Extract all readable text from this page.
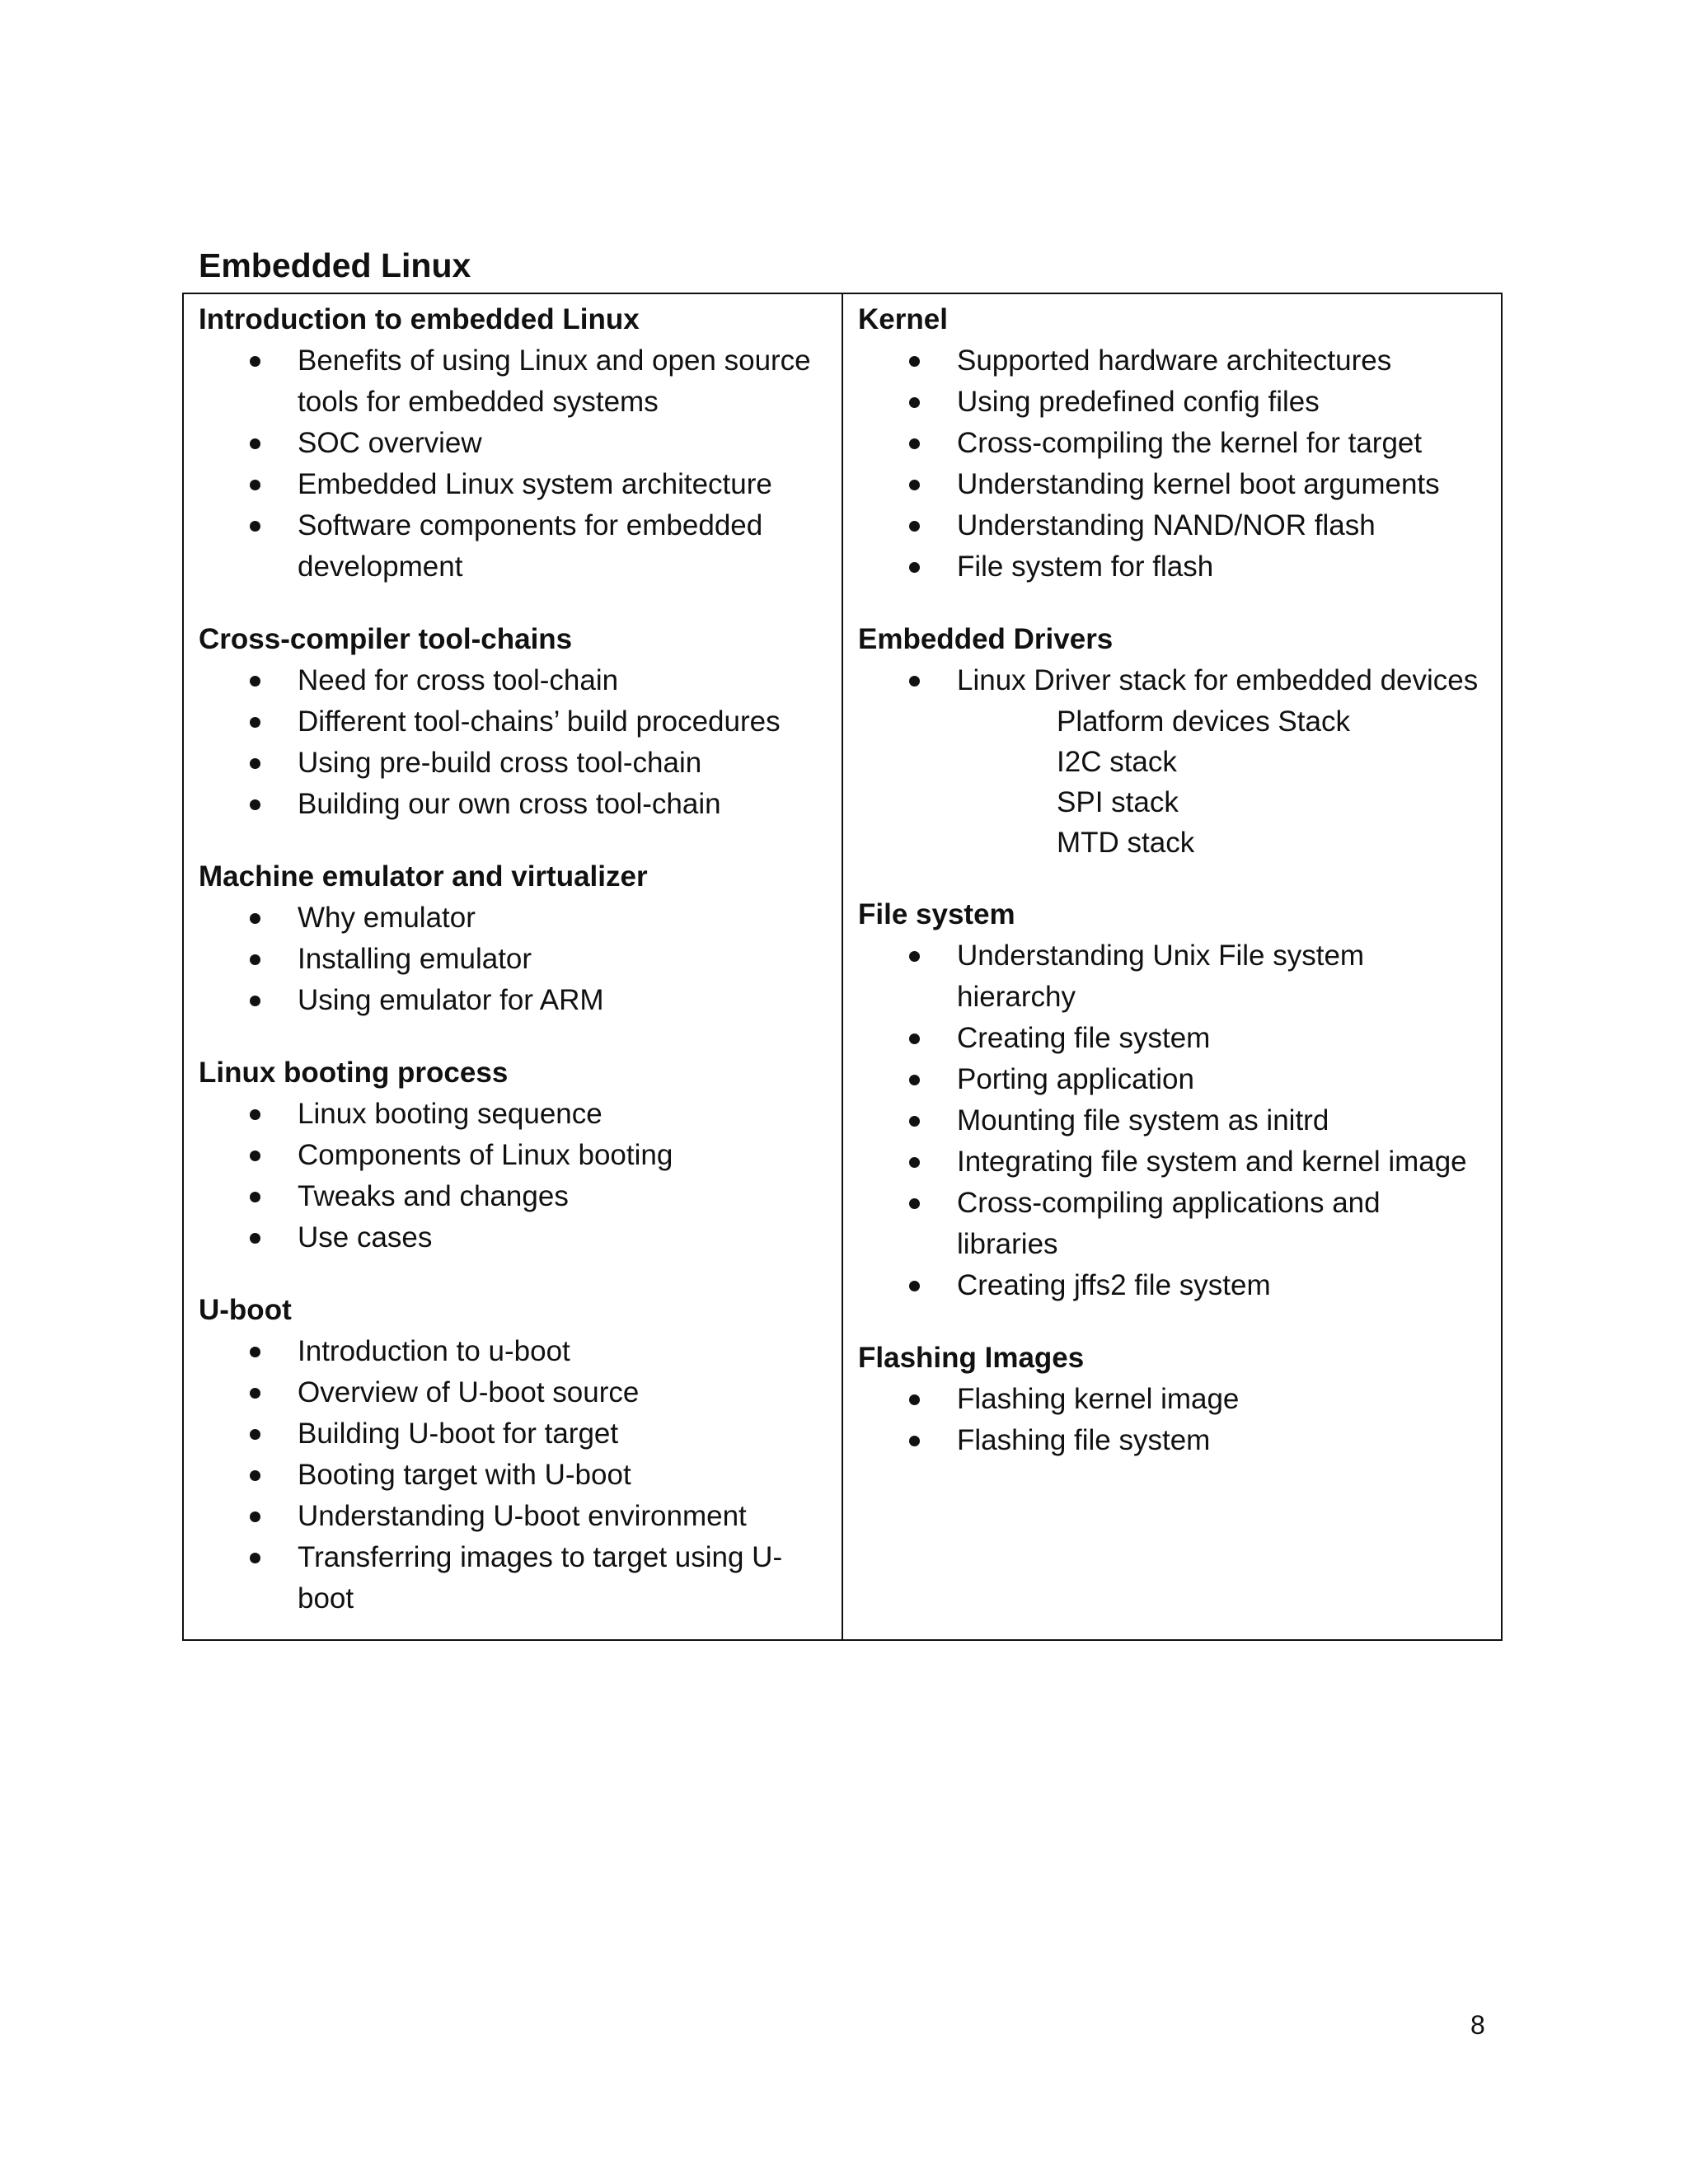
Embedded Linux
Introduction to embedded Linux
Benefits of using Linux and open source tools for embedded systems
SOC overview
Embedded Linux system architecture
Software components for embedded development
Cross-compiler tool-chains
Need for cross tool-chain
Different tool-chains’ build procedures
Using pre-build cross tool-chain
Building our own cross tool-chain
Machine emulator and virtualizer
Why emulator
Installing emulator
Using emulator for ARM
Linux booting process
Linux booting sequence
Components of Linux booting
Tweaks and changes
Use cases
U-boot
Introduction to u-boot
Overview of U-boot source
Building U-boot for target
Booting target with U-boot
Understanding U-boot environment
Transferring images to target using U-boot
Kernel
Supported hardware architectures
Using predefined config files
Cross-compiling the kernel for target
Understanding kernel boot arguments
Understanding NAND/NOR flash
File system for flash
Embedded Drivers
Linux Driver stack for embedded devices
Platform devices Stack
I2C stack
SPI stack
MTD stack
File system
Understanding Unix File system hierarchy
Creating file system
Porting application
Mounting file system as initrd
Integrating file system and kernel image
Cross-compiling applications and libraries
Creating jffs2 file system
Flashing Images
Flashing kernel image
Flashing file system
8
